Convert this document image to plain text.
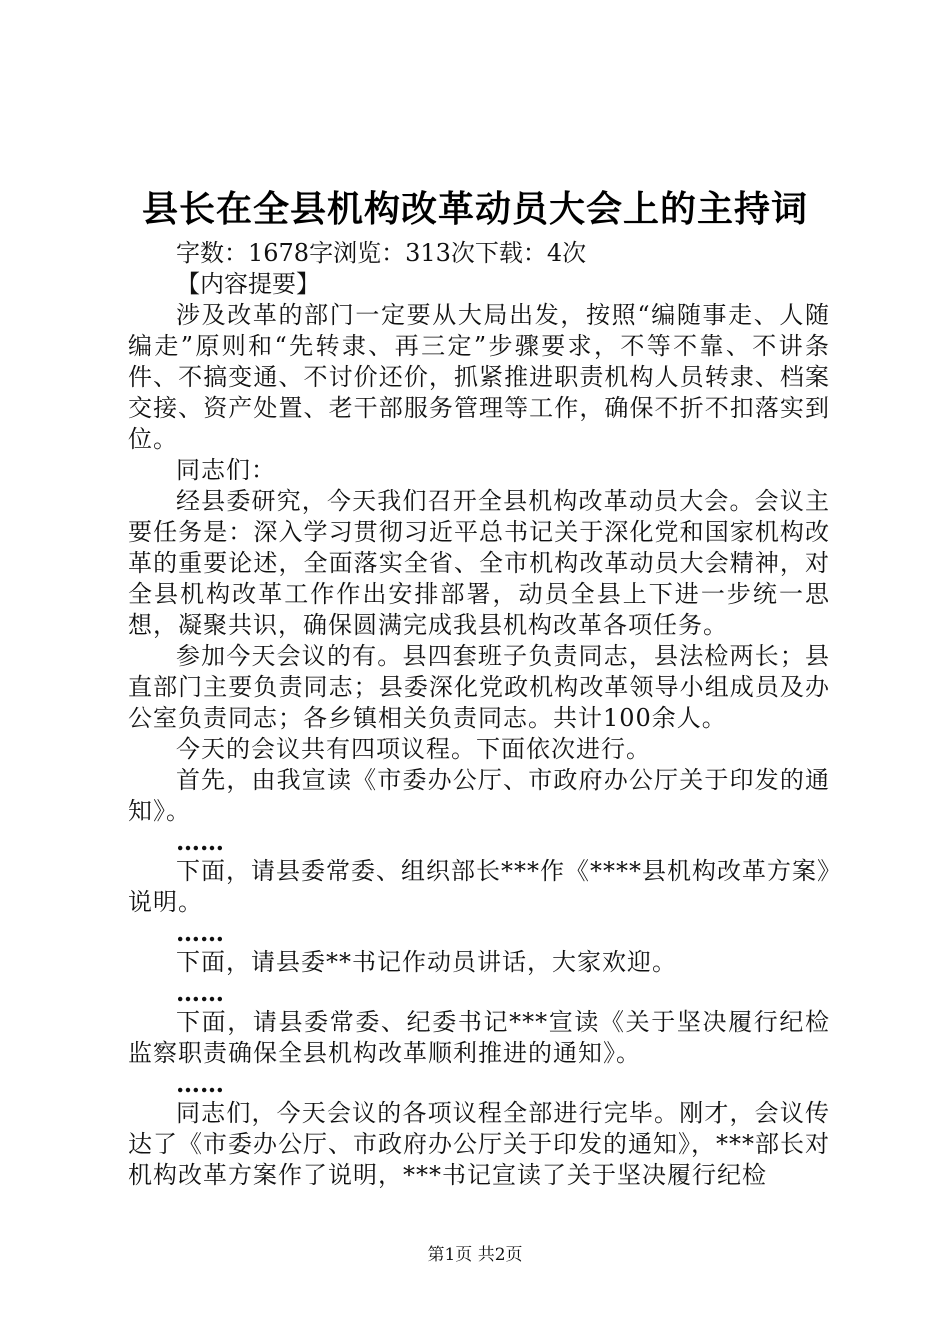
县长在全县机构改革动员大会上的主持词

字数：1678字浏览：313次下载：4次

【内容提要】

涉及改革的部门一定要从大局出发，按照“编随事走、人随编走”原则和“先转隶、再三定”步骤要求，不等不靠、不讲条件、不搞变通、不讨价还价，抓紧推进职责机构人员转隶、档案交接、资产处置、老干部服务管理等工作，确保不折不扣落实到位。

同志们：

经县委研究，今天我们召开全县机构改革动员大会。会议主要任务是：深入学习贯彻习近平总书记关于深化党和国家机构改革的重要论述，全面落实全省、全市机构改革动员大会精神，对全县机构改革工作作出安排部署，动员全县上下进一步统一思想，凝聚共识，确保圆满完成我县机构改革各项任务。

参加今天会议的有。县四套班子负责同志，县法检两长；县直部门主要负责同志；县委深化党政机构改革领导小组成员及办公室负责同志；各乡镇相关负责同志。共计100余人。

今天的会议共有四项议程。下面依次进行。

首先，由我宣读《市委办公厅、市政府办公厅关于印发的通知》。

……

下面，请县委常委、组织部长***作《****县机构改革方案》说明。

……

下面，请县委**书记作动员讲话，大家欢迎。

……

下面，请县委常委、纪委书记***宣读《关于坚决履行纪检监察职责确保全县机构改革顺利推进的通知》。

……

同志们，今天会议的各项议程全部进行完毕。刚才，会议传达了《市委办公厅、市政府办公厅关于印发的通知》，***部长对机构改革方案作了说明，***书记宣读了关于坚决履行纪检

第1页 共2页
